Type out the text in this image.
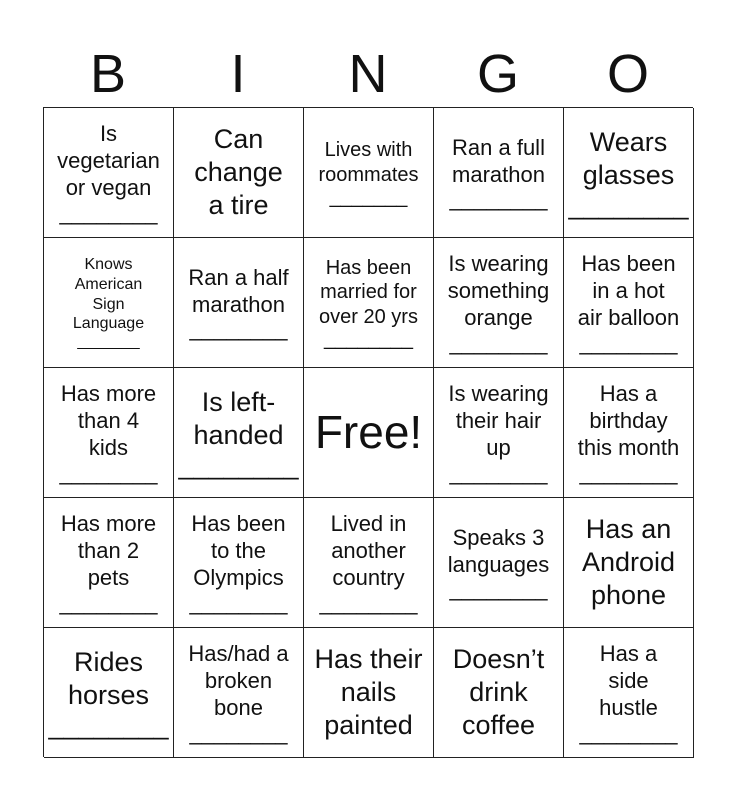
B	I	N	G	O
Is
vegetarian
or vegan
________
Can
change
a tire
Lives with
roommates
_______
Ran a full
marathon
________
Wears
glasses
________
Knows
American
Sign
Language
_______
Ran a half
marathon
________
Has been
married for
over 20 yrs
________
Is wearing
something
orange
________
Has been
in a hot
air balloon
________
Has more
than 4
kids
________
Is left-
handed
________
Free!
Is wearing
their hair
up
________
Has a
birthday
this month
________
Has more
than 2
pets
________
Has been
to the
Olympics
________
Lived in
another
country
________
Speaks 3
languages
________
Has an
Android
phone
Rides
horses
________
Has/had a
broken
bone
________
Has their
nails
painted
Doesn’t
drink
coffee
Has a
side
hustle
________
